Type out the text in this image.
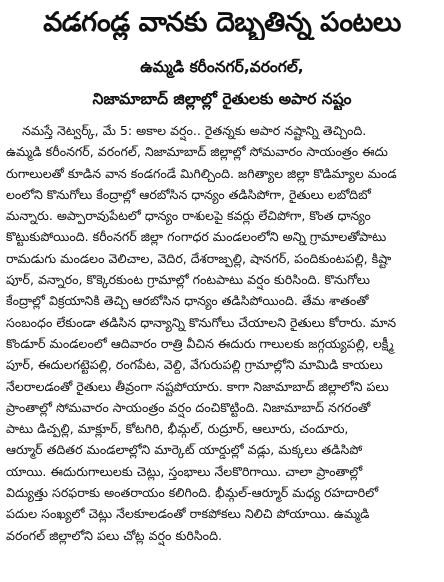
వడగండ్ల వానకు దెబ్బతిన్న పంటలు
ఉమ్మడి కరీంనగర్,వరంగల్,
నిజామాబాద్ జిల్లాల్లో రైతులకు అపార నష్టం
నమస్తే నెట్వర్క్, మే 5: అకాల వర్షం.. రైతన్నకు అపార నష్టాన్ని తెచ్చింది.
ఉమ్మడి కరీంనగర్, వరంగల్, నిజామాబాద్ జిల్లాల్లో సోమవారం సాయంత్రం ఈదు
రుగాలులతో కూడిన వాన కండగండే మిగిల్చింది. జగిత్యాల జిల్లా కొడిమ్యాల మండ
లంలోని కొనుగోలు కేంద్రాల్లో ఆరబోసిన ధాన్యం తడిసిపోగా, రైతులు లబోదిబో
మన్నారు. అప్పారావుపేటలో ధాన్యం రాశులపై కవర్లు లేచిపోగా, కొంత ధాన్యం
కొట్టుకుపోయింది. కరీంనగర్ జిల్లా గంగాధర మండలంలోని అన్ని గ్రామాలతోపాటు
రామడుగు మండలం వెలిచాల, వెదిర, దేశరాజ్పల్లి, షానగర్, పందికుంటపల్లి, కిష్టా
పూర్, వన్నారం, కొక్కెరకుంట గ్రామాల్లో గంటపాటు వర్షం కురిసింది. కొనుగోలు
కేంద్రాల్లో విక్రయానికి తెచ్చి ఆరబోసిన ధాన్యం తడిసిపోయింది. తేమ శాతంతో
సంబంధం లేకుండా తడిసిన ధాన్యాన్ని కొనుగోలు చేయాలని రైతులు కోరారు. మాన
కొండూర్ మండలంలో ఆదివారం రాత్రి వీచిన ఈదురు గాలులకు జగ్గయ్యపల్లి, లక్ష్మీ
పూర్, ఈదులగట్టెపల్లి, రంగపేట, వెల్ది, వేగురుపల్లి గ్రామాల్లోని మామిడి కాయలు
నేలరాలడంతో రైతులు తీవ్రంగా నష్టపోయారు. కాగా నిజామాబాద్ జిల్లాలోని పలు
ప్రాంతాల్లో సోమవారం సాయంత్రం వర్షం దంచికొట్టింది. నిజామాబాద్ నగరంతో
పాటు డిచ్పల్లి, మాక్లూర్, కోటగిరి, భీమ్గల్, రుద్రూర్, ఆలూరు, చందూరు,
ఆర్మూర్ తదితర మండలాల్లోని మార్కెట్ యార్డుల్లో వడ్లు, మక్కలు తడిసిపో
యాయి. ఈదురుగాలులకు చెట్లు, స్తంభాలు నేలకొరిగాయి. చాలా ప్రాంతాల్లో
విద్యుత్తు సరఫరాకు అంతరాయం కలిగింది. భీమ్గల్-ఆర్మూర్ మధ్య రహదారిలో
పదుల సంఖ్యలో చెట్లు నేలకూలడంతో రాకపోకలు నిలిచి పోయాయి. ఉమ్మడి
వరంగల్ జిల్లాలోని పలు చోట్ల వర్షం కురిసింది.
